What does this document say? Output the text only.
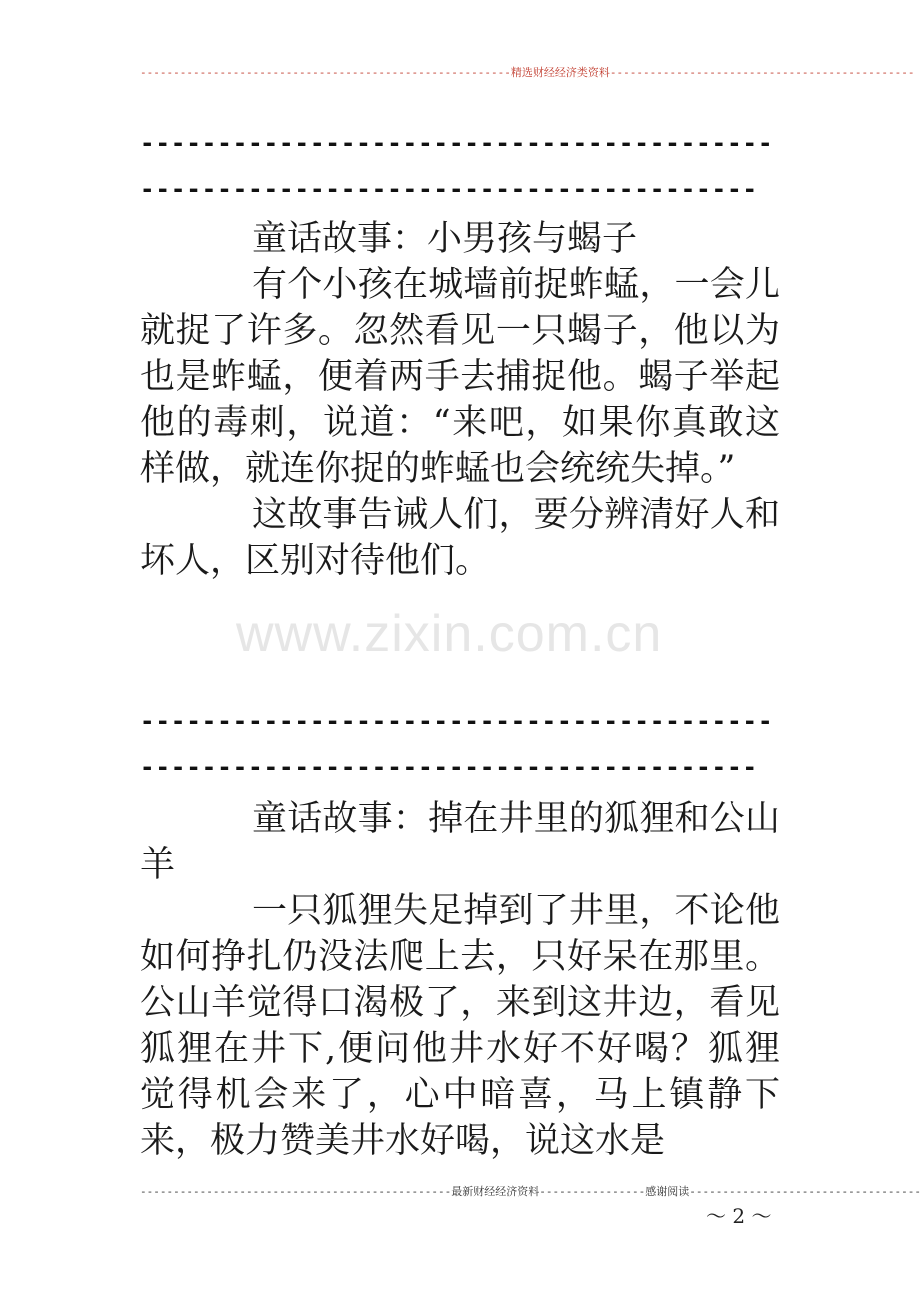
--------------------------------------------------------精选财经经济类资料----------------------------------------------
---------------------------------------------------------------------------------
www.zixin.com.cn

童话故事：小男孩与蝎子

有个小孩在城墙前捉蚱蜢，一会儿就捉了许多。忽然看见一只蝎子，他以为也是蚱蜢，便着两手去捕捉他。蝎子举起他的毒刺，说道：“来吧，如果你真敢这样做，就连你捉的蚱蜢也会统统失掉。”

这故事告诫人们，要分辨清好人和坏人，区别对待他们。

---------------------------------------------------------------------------------

童话故事：掉在井里的狐狸和公山羊

一只狐狸失足掉到了井里，不论他如何挣扎仍没法爬上去，只好呆在那里。公山羊觉得口渴极了，来到这井边，看见狐狸在井下,便问他井水好不好喝？狐狸觉得机会来了，心中暗喜，马上镇静下来，极力赞美井水好喝，说这水是

-----------------------------------------------最新财经经济资料----------------感谢阅读-----------------------------------
～ 2 ～
